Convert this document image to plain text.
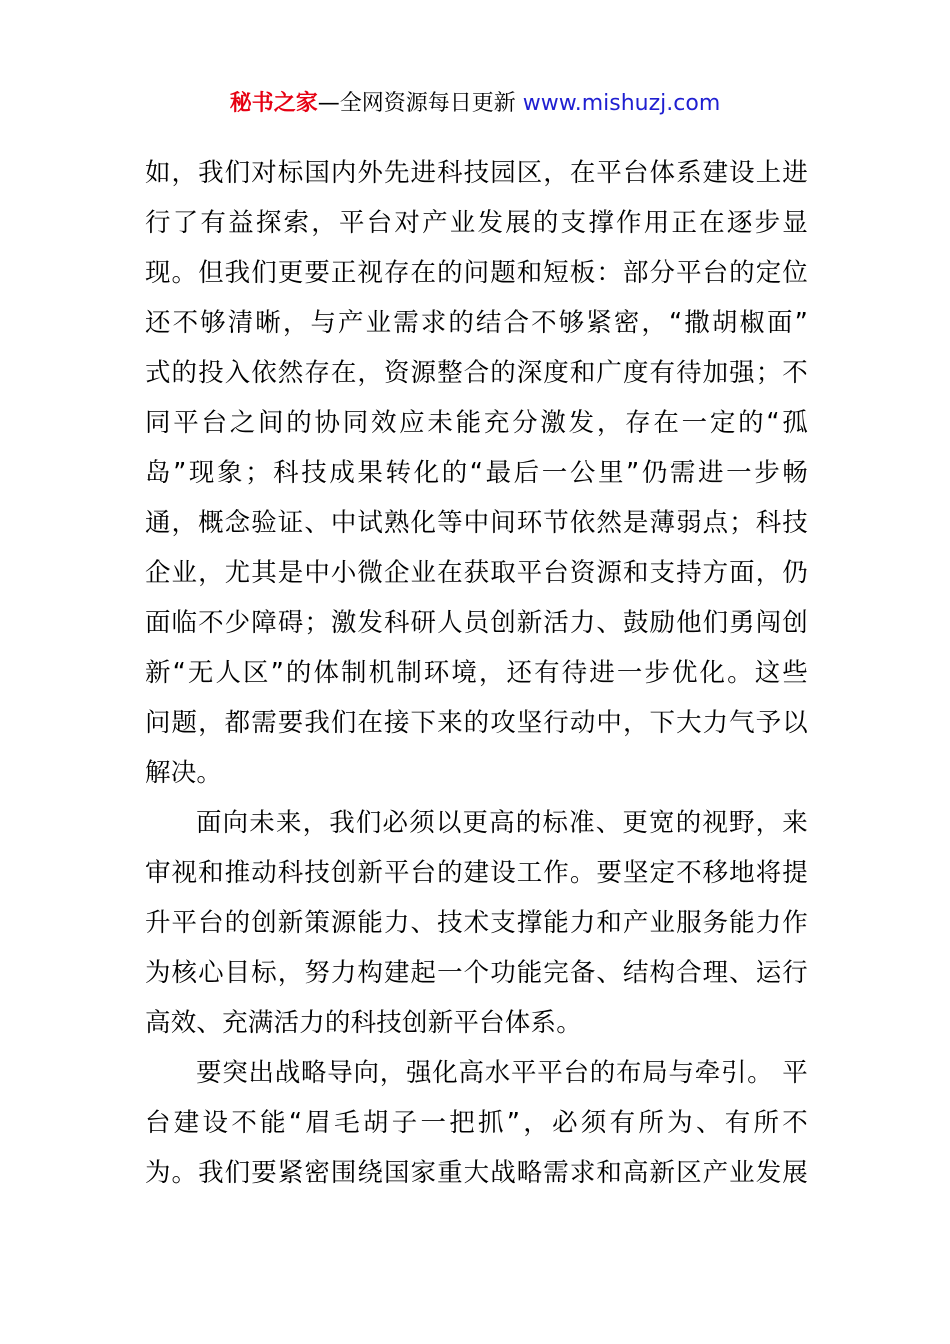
秘书之家—全网资源每日更新 www.mishuzj.com
如，我们对标国内外先进科技园区，在平台体系建设上进
行了有益探索，平台对产业发展的支撑作用正在逐步显
现。但我们更要正视存在的问题和短板：部分平台的定位
还不够清晰，与产业需求的结合不够紧密，“撒胡椒面”
式的投入依然存在，资源整合的深度和广度有待加强；不
同平台之间的协同效应未能充分激发，存在一定的“孤
岛”现象；科技成果转化的“最后一公里”仍需进一步畅
通，概念验证、中试熟化等中间环节依然是薄弱点；科技
企业，尤其是中小微企业在获取平台资源和支持方面，仍
面临不少障碍；激发科研人员创新活力、鼓励他们勇闯创
新“无人区”的体制机制环境，还有待进一步优化。这些
问题，都需要我们在接下来的攻坚行动中，下大力气予以
解决。
面向未来，我们必须以更高的标准、更宽的视野，来
审视和推动科技创新平台的建设工作。要坚定不移地将提
升平台的创新策源能力、技术支撑能力和产业服务能力作
为核心目标，努力构建起一个功能完备、结构合理、运行
高效、充满活力的科技创新平台体系。
要突出战略导向，强化高水平平台的布局与牵引。 平
台建设不能“眉毛胡子一把抓”，必须有所为、有所不
为。我们要紧密围绕国家重大战略需求和高新区产业发展
